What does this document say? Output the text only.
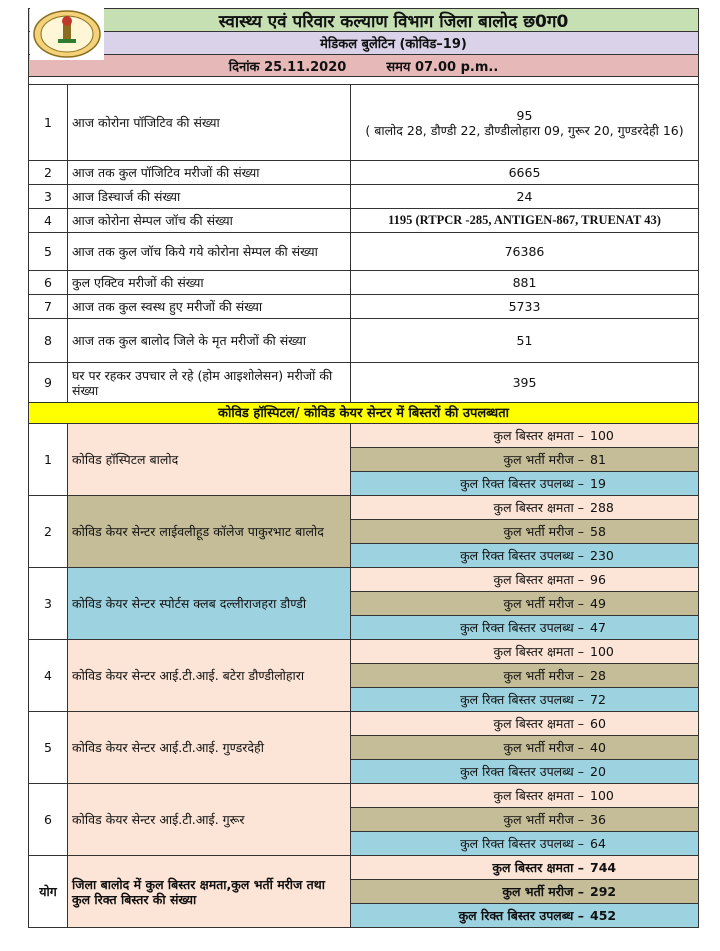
स्वास्थ्य एवं परिवार कल्याण विभाग जिला बालोद छ0ग0
मेडिकल बुलेटिन (कोविड–19)
दिनांक 25.11.2020	समय 07.00 p.m..
1	आज कोरोना पॉजिटिव की संख्या	95
( बालोद 28, डौण्डी 22, डौण्डीलोहारा 09, गुरूर 20, गुण्डरदेही 16)

2	आज तक कुल पॉजिटिव मरीजों की संख्या	6665
3	आज डिस्चार्ज की संख्या	24
4	आज कोरोना सेम्पल जॉच की संख्या	1195 (RTPCR -285, ANTIGEN-867, TRUENAT 43)
5	आज तक कुल जॉच किये गये कोरोना सेम्पल की संख्या	76386
6	कुल एक्टिव मरीजों की संख्या	881
7	आज तक कुल स्वस्थ हुए मरीजों की संख्या	5733
8	आज तक कुल बालोद जिले के मृत मरीजों की संख्या	51
9	घर पर रहकर उपचार ले रहे (होम आइशोलेसन) मरीजों की संख्या	395
कोविड हॉस्पिटल/ कोविड केयर सेन्टर में बिस्तरों की उपलब्धता		
1	कोविड हॉस्पिटल बालोद	कुल बिस्तर क्षमता – 100
		कुल भर्ती मरीज – 81
		कुल रिक्त बिस्तर उपलब्ध – 19
2	कोविड केयर सेन्टर लाईवलीहूड कॉलेज पाकुरभाट बालोद	कुल बिस्तर क्षमता – 288
		कुल भर्ती मरीज – 58
		कुल रिक्त बिस्तर उपलब्ध – 230
3	कोविड केयर सेन्टर स्पोर्टस क्लब दल्लीराजहरा डौण्डी	कुल बिस्तर क्षमता – 96
		कुल भर्ती मरीज – 49
		कुल रिक्त बिस्तर उपलब्ध – 47
4	कोविड केयर सेन्टर आई.टी.आई. बटेरा डौण्डीलोहारा	कुल बिस्तर क्षमता – 100
		कुल भर्ती मरीज – 28
		कुल रिक्त बिस्तर उपलब्ध – 72
5	कोविड केयर सेन्टर आई.टी.आई. गुण्डरदेही	कुल बिस्तर क्षमता – 60
		कुल भर्ती मरीज – 40
		कुल रिक्त बिस्तर उपलब्ध – 20
6	कोविड केयर सेन्टर आई.टी.आई. गुरूर	कुल बिस्तर क्षमता – 100
		कुल भर्ती मरीज – 36
		कुल रिक्त बिस्तर उपलब्ध – 64
योग	जिला बालोद में कुल बिस्तर क्षमता,कुल भर्ती मरीज तथा कुल रिक्त बिस्तर की संख्या	कुल बिस्तर क्षमता – 744
		कुल भर्ती मरीज – 292
		कुल रिक्त बिस्तर उपलब्ध – 452
